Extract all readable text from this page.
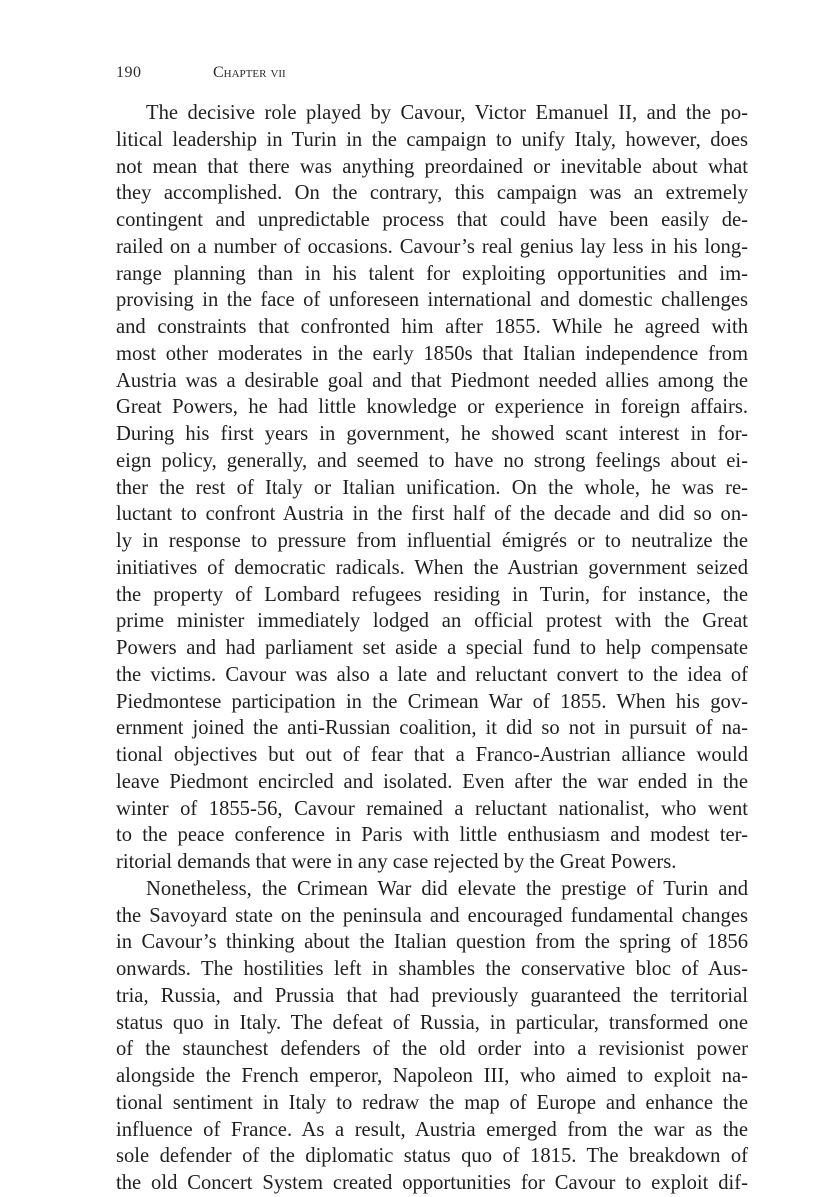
190	Chapter vii
The decisive role played by Cavour, Victor Emanuel II, and the po-
litical leadership in Turin in the campaign to unify Italy, however, does
not mean that there was anything preordained or inevitable about what
they accomplished. On the contrary, this campaign was an extremely
contingent and unpredictable process that could have been easily de-
railed on a number of occasions. Cavour’s real genius lay less in his long-
range planning than in his talent for exploiting opportunities and im-
provising in the face of unforeseen international and domestic challenges
and constraints that confronted him after 1855. While he agreed with
most other moderates in the early 1850s that Italian independence from
Austria was a desirable goal and that Piedmont needed allies among the
Great Powers, he had little knowledge or experience in foreign affairs.
During his first years in government, he showed scant interest in for-
eign policy, generally, and seemed to have no strong feelings about ei-
ther the rest of Italy or Italian unification. On the whole, he was re-
luctant to confront Austria in the first half of the decade and did so on-
ly in response to pressure from influential émigrés or to neutralize the
initiatives of democratic radicals. When the Austrian government seized
the property of Lombard refugees residing in Turin, for instance, the
prime minister immediately lodged an official protest with the Great
Powers and had parliament set aside a special fund to help compensate
the victims. Cavour was also a late and reluctant convert to the idea of
Piedmontese participation in the Crimean War of 1855. When his gov-
ernment joined the anti-Russian coalition, it did so not in pursuit of na-
tional objectives but out of fear that a Franco-Austrian alliance would
leave Piedmont encircled and isolated. Even after the war ended in the
winter of 1855-56, Cavour remained a reluctant nationalist, who went
to the peace conference in Paris with little enthusiasm and modest ter-
ritorial demands that were in any case rejected by the Great Powers.
Nonetheless, the Crimean War did elevate the prestige of Turin and
the Savoyard state on the peninsula and encouraged fundamental changes
in Cavour’s thinking about the Italian question from the spring of 1856
onwards. The hostilities left in shambles the conservative bloc of Aus-
tria, Russia, and Prussia that had previously guaranteed the territorial
status quo in Italy. The defeat of Russia, in particular, transformed one
of the staunchest defenders of the old order into a revisionist power
alongside the French emperor, Napoleon III, who aimed to exploit na-
tional sentiment in Italy to redraw the map of Europe and enhance the
influence of France. As a result, Austria emerged from the war as the
sole defender of the diplomatic status quo of 1815. The breakdown of
the old Concert System created opportunities for Cavour to exploit dif-
